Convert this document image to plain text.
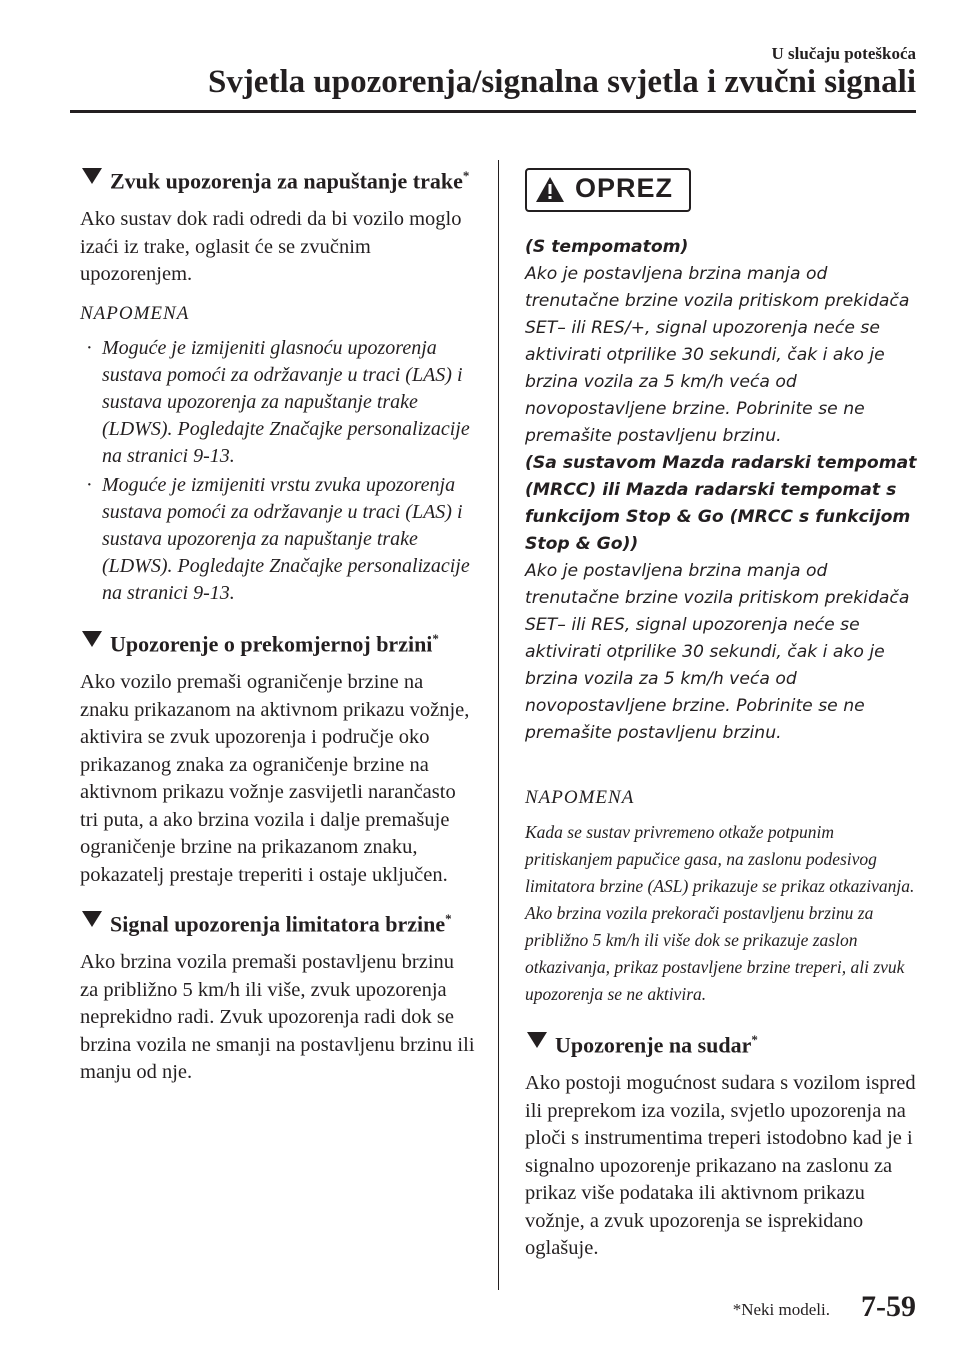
U slučaju poteškoća
Svjetla upozorenja/signalna svjetla i zvučni signali
Zvuk upozorenja za napuštanje trake*

Ako sustav dok radi odredi da bi vozilo moglo izaći iz trake, oglasit će se zvučnim upozorenjem.

NAPOMENA
· Moguće je izmijeniti glasnoću upozorenja sustava pomoći za održavanje u traci (LAS) i sustava upozorenja za napuštanje trake (LDWS). Pogledajte Značajke personalizacije na stranici 9-13.
· Moguće je izmijeniti vrstu zvuka upozorenja sustava pomoći za održavanje u traci (LAS) i sustava upozorenja za napuštanje trake (LDWS). Pogledajte Značajke personalizacije na stranici 9-13.
Upozorenje o prekomjernoj brzini*

Ako vozilo premaši ograničenje brzine na znaku prikazanom na aktivnom prikazu vožnje, aktivira se zvuk upozorenja i područje oko prikazanog znaka za ograničenje brzine na aktivnom prikazu vožnje zasvijetli narančasto tri puta, a ako brzina vozila i dalje premašuje ograničenje brzine na prikazanom znaku, pokazatelj prestaje treperiti i ostaje uključen.

Signal upozorenja limitatora brzine*

Ako brzina vozila premaši postavljenu brzinu za približno 5 km/h ili više, zvuk upozorenja neprekidno radi. Zvuk upozorenja radi dok se brzina vozila ne smanji na postavljenu brzinu ili manju od nje.

OPREZ

(S tempomatom)

Ako je postavljena brzina manja od trenutačne brzine vozila pritiskom prekidača SET– ili RES/+, signal upozorenja neće se aktivirati otprilike 30 sekundi, čak i ako je brzina vozila za 5 km/h veća od novopostavljene brzine. Pobrinite se ne premašite postavljenu brzinu.

(Sa sustavom Mazda radarski tempomat (MRCC) ili Mazda radarski tempomat s funkcijom Stop & Go (MRCC s funkcijom Stop & Go))

Ako je postavljena brzina manja od trenutačne brzine vozila pritiskom prekidača SET– ili RES, signal upozorenja neće se aktivirati otprilike 30 sekundi, čak i ako je brzina vozila za 5 km/h veća od novopostavljene brzine. Pobrinite se ne premašite postavljenu brzinu.

NAPOMENA

Kada se sustav privremeno otkaže potpunim pritiskanjem papučice gasa, na zaslonu podesivog limitatora brzine (ASL) prikazuje se prikaz otkazivanja. Ako brzina vozila prekorači postavljenu brzinu za približno 5 km/h ili više dok se prikazuje zaslon otkazivanja, prikaz postavljene brzine treperi, ali zvuk upozorenja se ne aktivira.

Upozorenje na sudar*

Ako postoji mogućnost sudara s vozilom ispred ili preprekom iza vozila, svjetlo upozorenja na ploči s instrumentima treperi istodobno kad je i signalno upozorenje prikazano na zaslonu za prikaz više podataka ili aktivnom prikazu vožnje, a zvuk upozorenja se isprekidano oglašuje.

*Neki modeli. 7-59
